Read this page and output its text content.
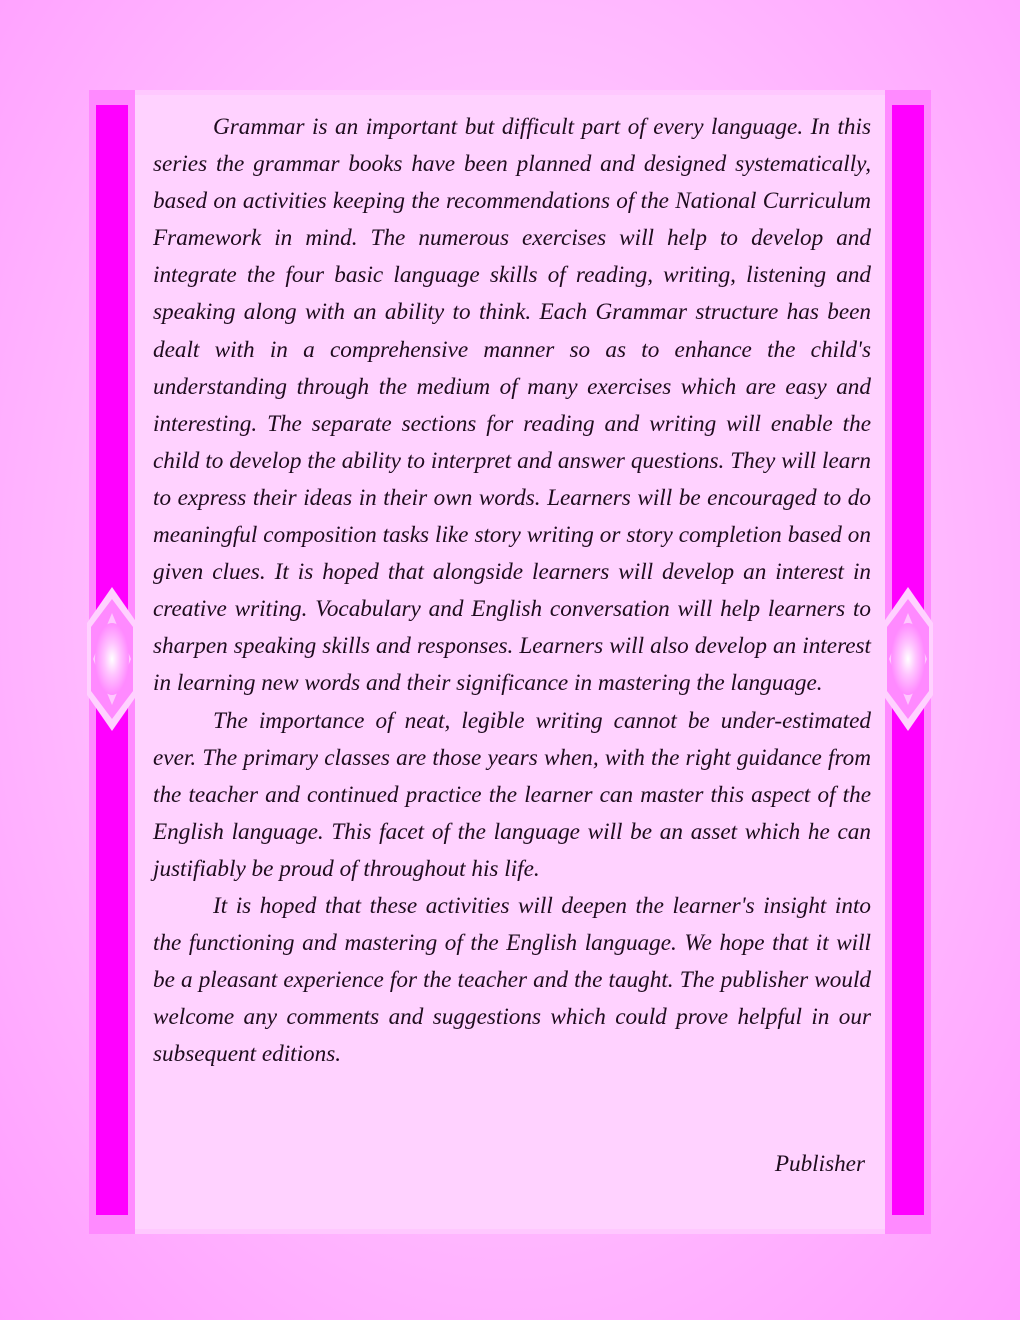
Grammar is an important but difficult part of every language. In this series the grammar books have been planned and designed systematically, based on activities keeping the recommendations of the National Curriculum Framework in mind. The numerous exercises will help to develop and integrate the four basic language skills of reading, writing, listening and speaking along with an ability to think. Each Grammar structure has been dealt with in a comprehensive manner so as to enhance the child's understanding through the medium of many exercises which are easy and interesting. The separate sections for reading and writing will enable the child to develop the ability to interpret and answer questions. They will learn to express their ideas in their own words. Learners will be encouraged to do meaningful composition tasks like story writing or story completion based on given clues. It is hoped that alongside learners will develop an interest in creative writing. Vocabulary and English conversation will help learners to sharpen speaking skills and responses. Learners will also develop an interest in learning new words and their significance in mastering the language.

The importance of neat, legible writing cannot be under-estimated ever. The primary classes are those years when, with the right guidance from the teacher and continued practice the learner can master this aspect of the English language. This facet of the language will be an asset which he can justifiably be proud of throughout his life.

It is hoped that these activities will deepen the learner's insight into the functioning and mastering of the English language. We hope that it will be a pleasant experience for the teacher and the taught. The publisher would welcome any comments and suggestions which could prove helpful in our subsequent editions.

Publisher
